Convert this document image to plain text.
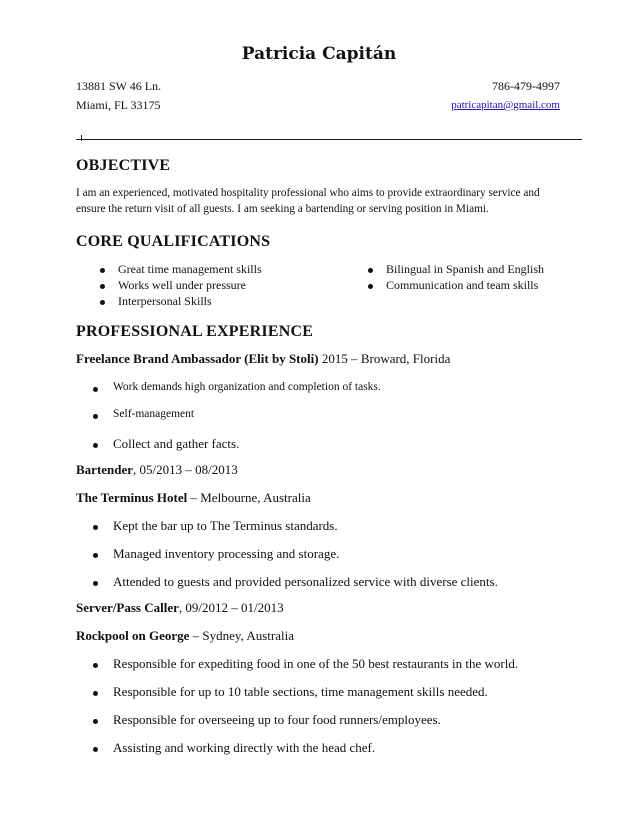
Patricia Capitán
13881 SW 46 Ln.
Miami, FL 33175
786-479-4997
patricapitan@gmail.com
OBJECTIVE
I am an experienced, motivated hospitality professional who aims to provide extraordinary service and
ensure the return visit of all guests. I am seeking a bartending or serving position in Miami.
CORE QUALIFICATIONS
Great time management skills
Works well under pressure
Interpersonal Skills
Bilingual in Spanish and English
Communication and team skills
PROFESSIONAL EXPERIENCE
Freelance Brand Ambassador (Elit by Stoli) 2015 – Broward, Florida
Work demands high organization and completion of tasks.
Self-management
Collect and gather facts.
Bartender, 05/2013 – 08/2013
The Terminus Hotel – Melbourne, Australia
Kept the bar up to The Terminus standards.
Managed inventory processing and storage.
Attended to guests and provided personalized service with diverse clients.
Server/Pass Caller, 09/2012 – 01/2013
Rockpool on George – Sydney, Australia
Responsible for expediting food in one of the 50 best restaurants in the world.
Responsible for up to 10 table sections, time management skills needed.
Responsible for overseeing up to four food runners/employees.
Assisting and working directly with the head chef.
